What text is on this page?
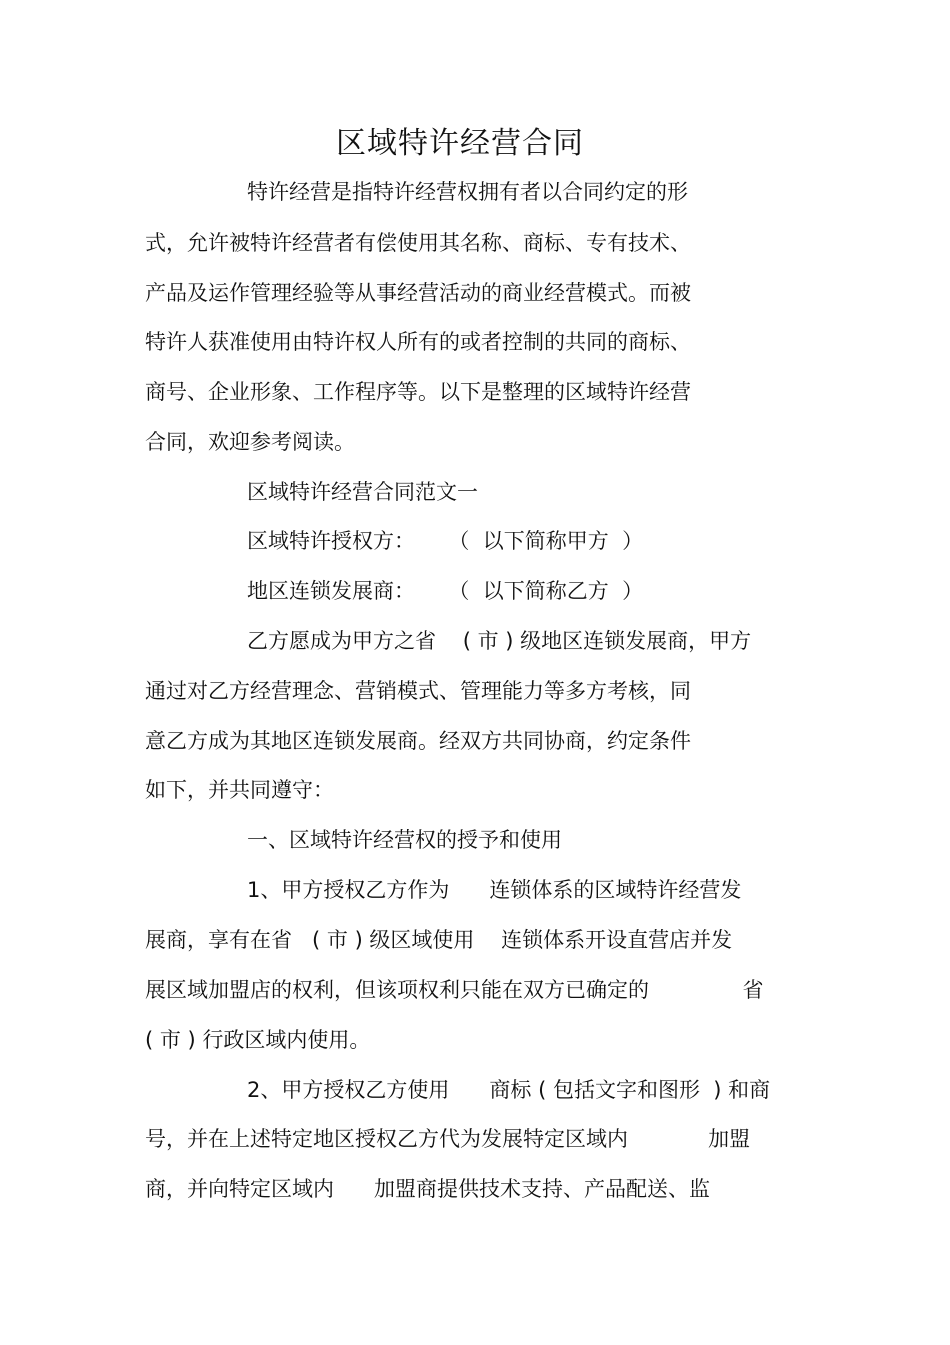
区域特许经营合同

特许经营是指特许经营权拥有者以合同约定的形

式，允许被特许经营者有偿使用其名称、商标、专有技术、

产品及运作管理经验等从事经营活动的商业经营模式。而被

特许人获准使用由特许权人所有的或者控制的共同的商标、

商号、企业形象、工作程序等。以下是整理的区域特许经营

合同，欢迎参考阅读。

区域特许经营合同范文一

区域特许授权方：     （  以下简称甲方  ）

地区连锁发展商：     （  以下简称乙方  ）

乙方愿成为甲方之省    ( 市 ) 级地区连锁发展商，甲方

通过对乙方经营理念、营销模式、管理能力等多方考核，同

意乙方成为其地区连锁发展商。经双方共同协商，约定条件

如下，并共同遵守：

一、区域特许经营权的授予和使用

1、甲方授权乙方作为      连锁体系的区域特许经营发

展商，享有在省   ( 市 ) 级区域使用    连锁体系开设直营店并发

展区域加盟店的权利，但该项权利只能在双方已确定的              省

( 市 ) 行政区域内使用。

2、甲方授权乙方使用      商标 ( 包括文字和图形  ) 和商

号，并在上述特定地区授权乙方代为发展特定区域内            加盟

商，并向特定区域内      加盟商提供技术支持、产品配送、监
